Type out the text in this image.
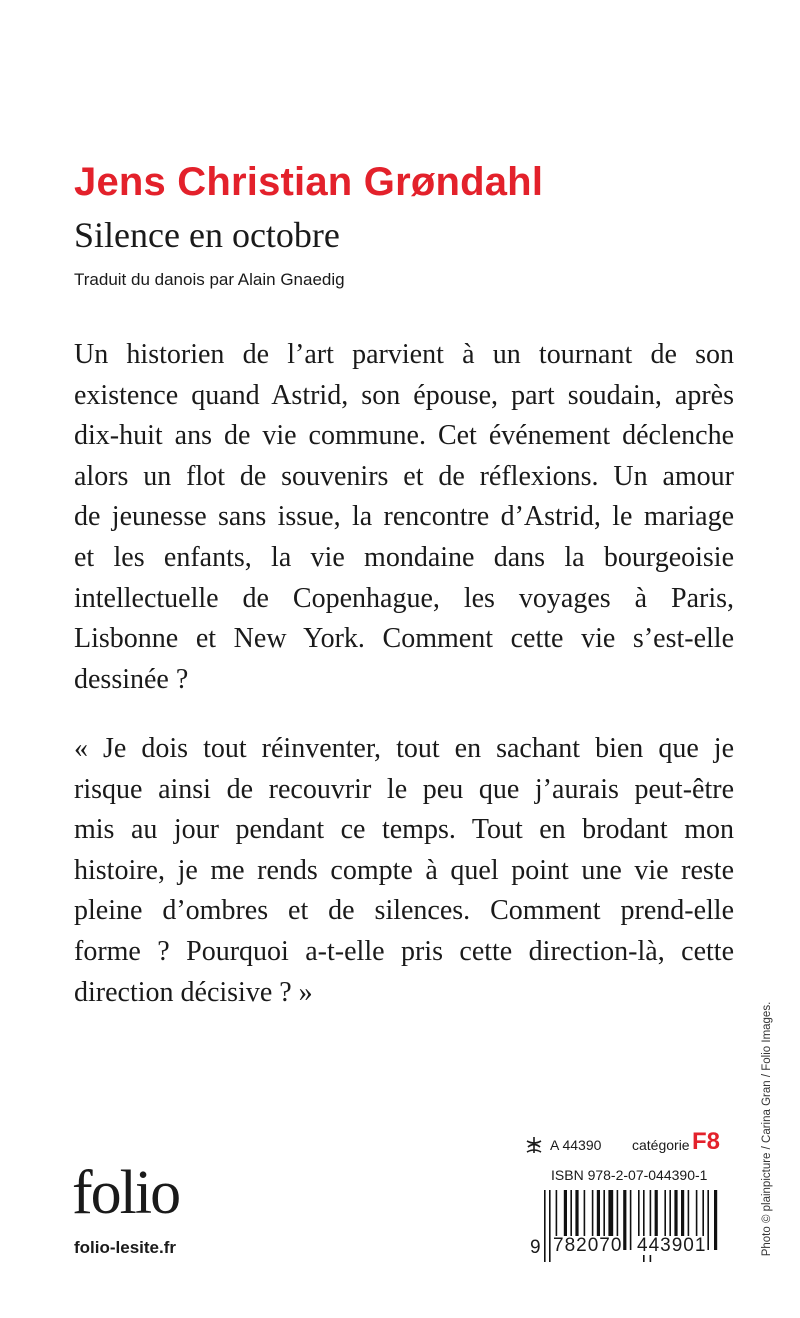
Jens Christian Grøndahl
Silence en octobre
Traduit du danois par Alain Gnaedig
Un historien de l’art parvient à un tournant de son
existence quand Astrid, son épouse, part soudain, après
dix-huit ans de vie commune. Cet événement déclenche
alors un flot de souvenirs et de réflexions. Un amour
de jeunesse sans issue, la rencontre d’Astrid, le mariage
et les enfants, la vie mondaine dans la bourgeoisie
intellectuelle de Copenhague, les voyages à Paris,
Lisbonne et New York. Comment cette vie s’est-elle
dessinée ?
« Je dois tout réinventer, tout en sachant bien que je
risque ainsi de recouvrir le peu que j’aurais peut-être
mis au jour pendant ce temps. Tout en brodant mon
histoire, je me rends compte à quel point une vie reste
pleine d’ombres et de silences. Comment prend-elle
forme ? Pourquoi a-t-elle pris cette direction-là, cette
direction décisive ? »
Photo © plainpicture / Carina Gran / Folio Images.
folio
folio-lesite.fr
A 44390 catégorie F8
ISBN 978-2-07-044390-1
9 782070 443901
